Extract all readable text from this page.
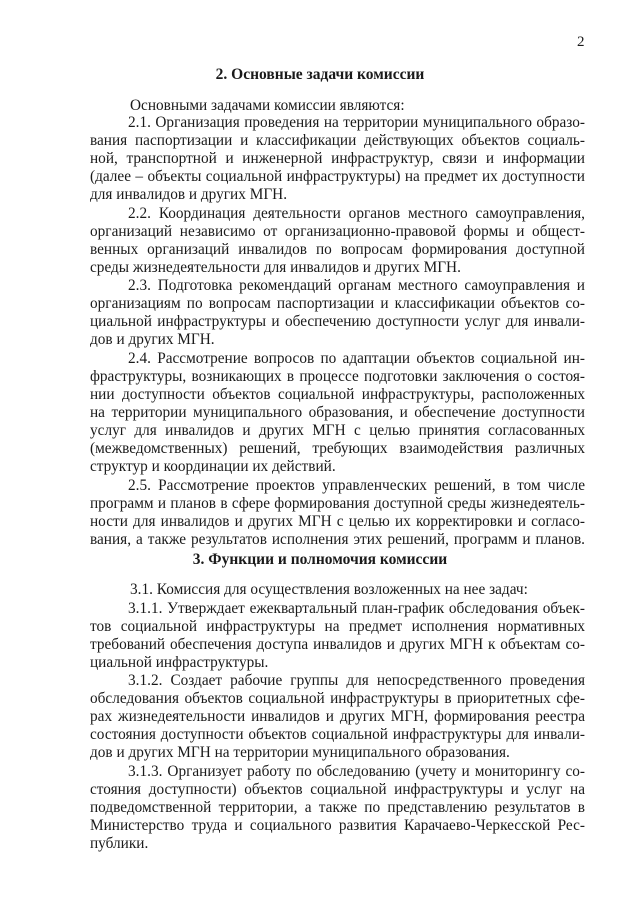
2
2. Основные задачи комиссии
Основными задачами комиссии являются:
2.1. Организация проведения на территории муниципального образо-
вания паспортизации и классификации действующих объектов социаль-
ной, транспортной и инженерной инфраструктур, связи и информации
(далее – объекты социальной инфраструктуры) на предмет их доступности
для инвалидов и других МГН.
2.2. Координация деятельности органов местного самоуправления,
организаций независимо от организационно-правовой формы и общест-
венных организаций инвалидов по вопросам формирования доступной
среды жизнедеятельности для инвалидов и других МГН.
2.3. Подготовка рекомендаций органам местного самоуправления и
организациям по вопросам паспортизации и классификации объектов со-
циальной инфраструктуры и обеспечению доступности услуг для инвали-
дов и других МГН.
2.4. Рассмотрение вопросов по адаптации объектов социальной ин-
фраструктуры, возникающих в процессе подготовки заключения о состоя-
нии доступности объектов социальной инфраструктуры, расположенных
на территории муниципального образования, и обеспечение доступности
услуг для инвалидов и других МГН с целью принятия согласованных
(межведомственных) решений, требующих взаимодействия различных
структур и координации их действий.
2.5. Рассмотрение проектов управленческих решений, в том числе
программ и планов в сфере формирования доступной среды жизнедеятель-
ности для инвалидов и других МГН с целью их корректировки и согласо-
вания, а также результатов исполнения этих решений, программ и планов.
3. Функции и полномочия комиссии
3.1. Комиссия для осуществления возложенных на нее задач:
3.1.1. Утверждает ежеквартальный план-график обследования объек-
тов социальной инфраструктуры на предмет исполнения нормативных
требований обеспечения доступа инвалидов и других МГН к объектам со-
циальной инфраструктуры.
3.1.2. Создает рабочие группы для непосредственного проведения
обследования объектов социальной инфраструктуры в приоритетных сфе-
рах жизнедеятельности инвалидов и других МГН, формирования реестра
состояния доступности объектов социальной инфраструктуры для инвали-
дов и других МГН на территории муниципального образования.
3.1.3. Организует работу по обследованию (учету и мониторингу со-
стояния доступности) объектов социальной инфраструктуры и услуг на
подведомственной территории, а также по представлению результатов в
Министерство труда и социального развития Карачаево-Черкесской Рес-
публики.
